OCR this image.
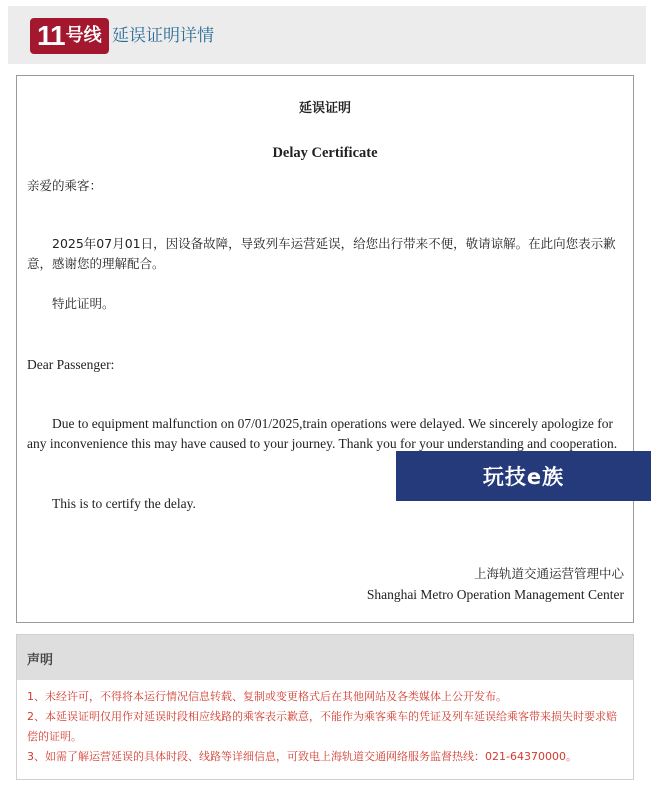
11 号线 延误证明详情
延误证明
Delay Certificate
亲爱的乘客：
2025年07月01日，因设备故障，导致列车运营延误，给您出行带来不便，敬请谅解。在此向您表示歉意，感谢您的理解配合。
特此证明。
Dear Passenger:
Due to equipment malfunction on 07/01/2025,train operations were delayed. We sincerely apologize for any inconvenience this may have caused to your journey. Thank you for your understanding and cooperation.
This is to certify the delay.
上海轨道交通运营管理中心
Shanghai Metro Operation Management Center
玩技e族
声明
1、未经许可，不得将本运行情况信息转载、复制或变更格式后在其他网站及各类媒体上公开发布。
2、本延误证明仅用作对延误时段相应线路的乘客表示歉意，不能作为乘客乘车的凭证及列车延误给乘客带来损失时要求赔偿的证明。
3、如需了解运营延误的具体时段、线路等详细信息，可致电上海轨道交通网络服务监督热线：021-64370000。
